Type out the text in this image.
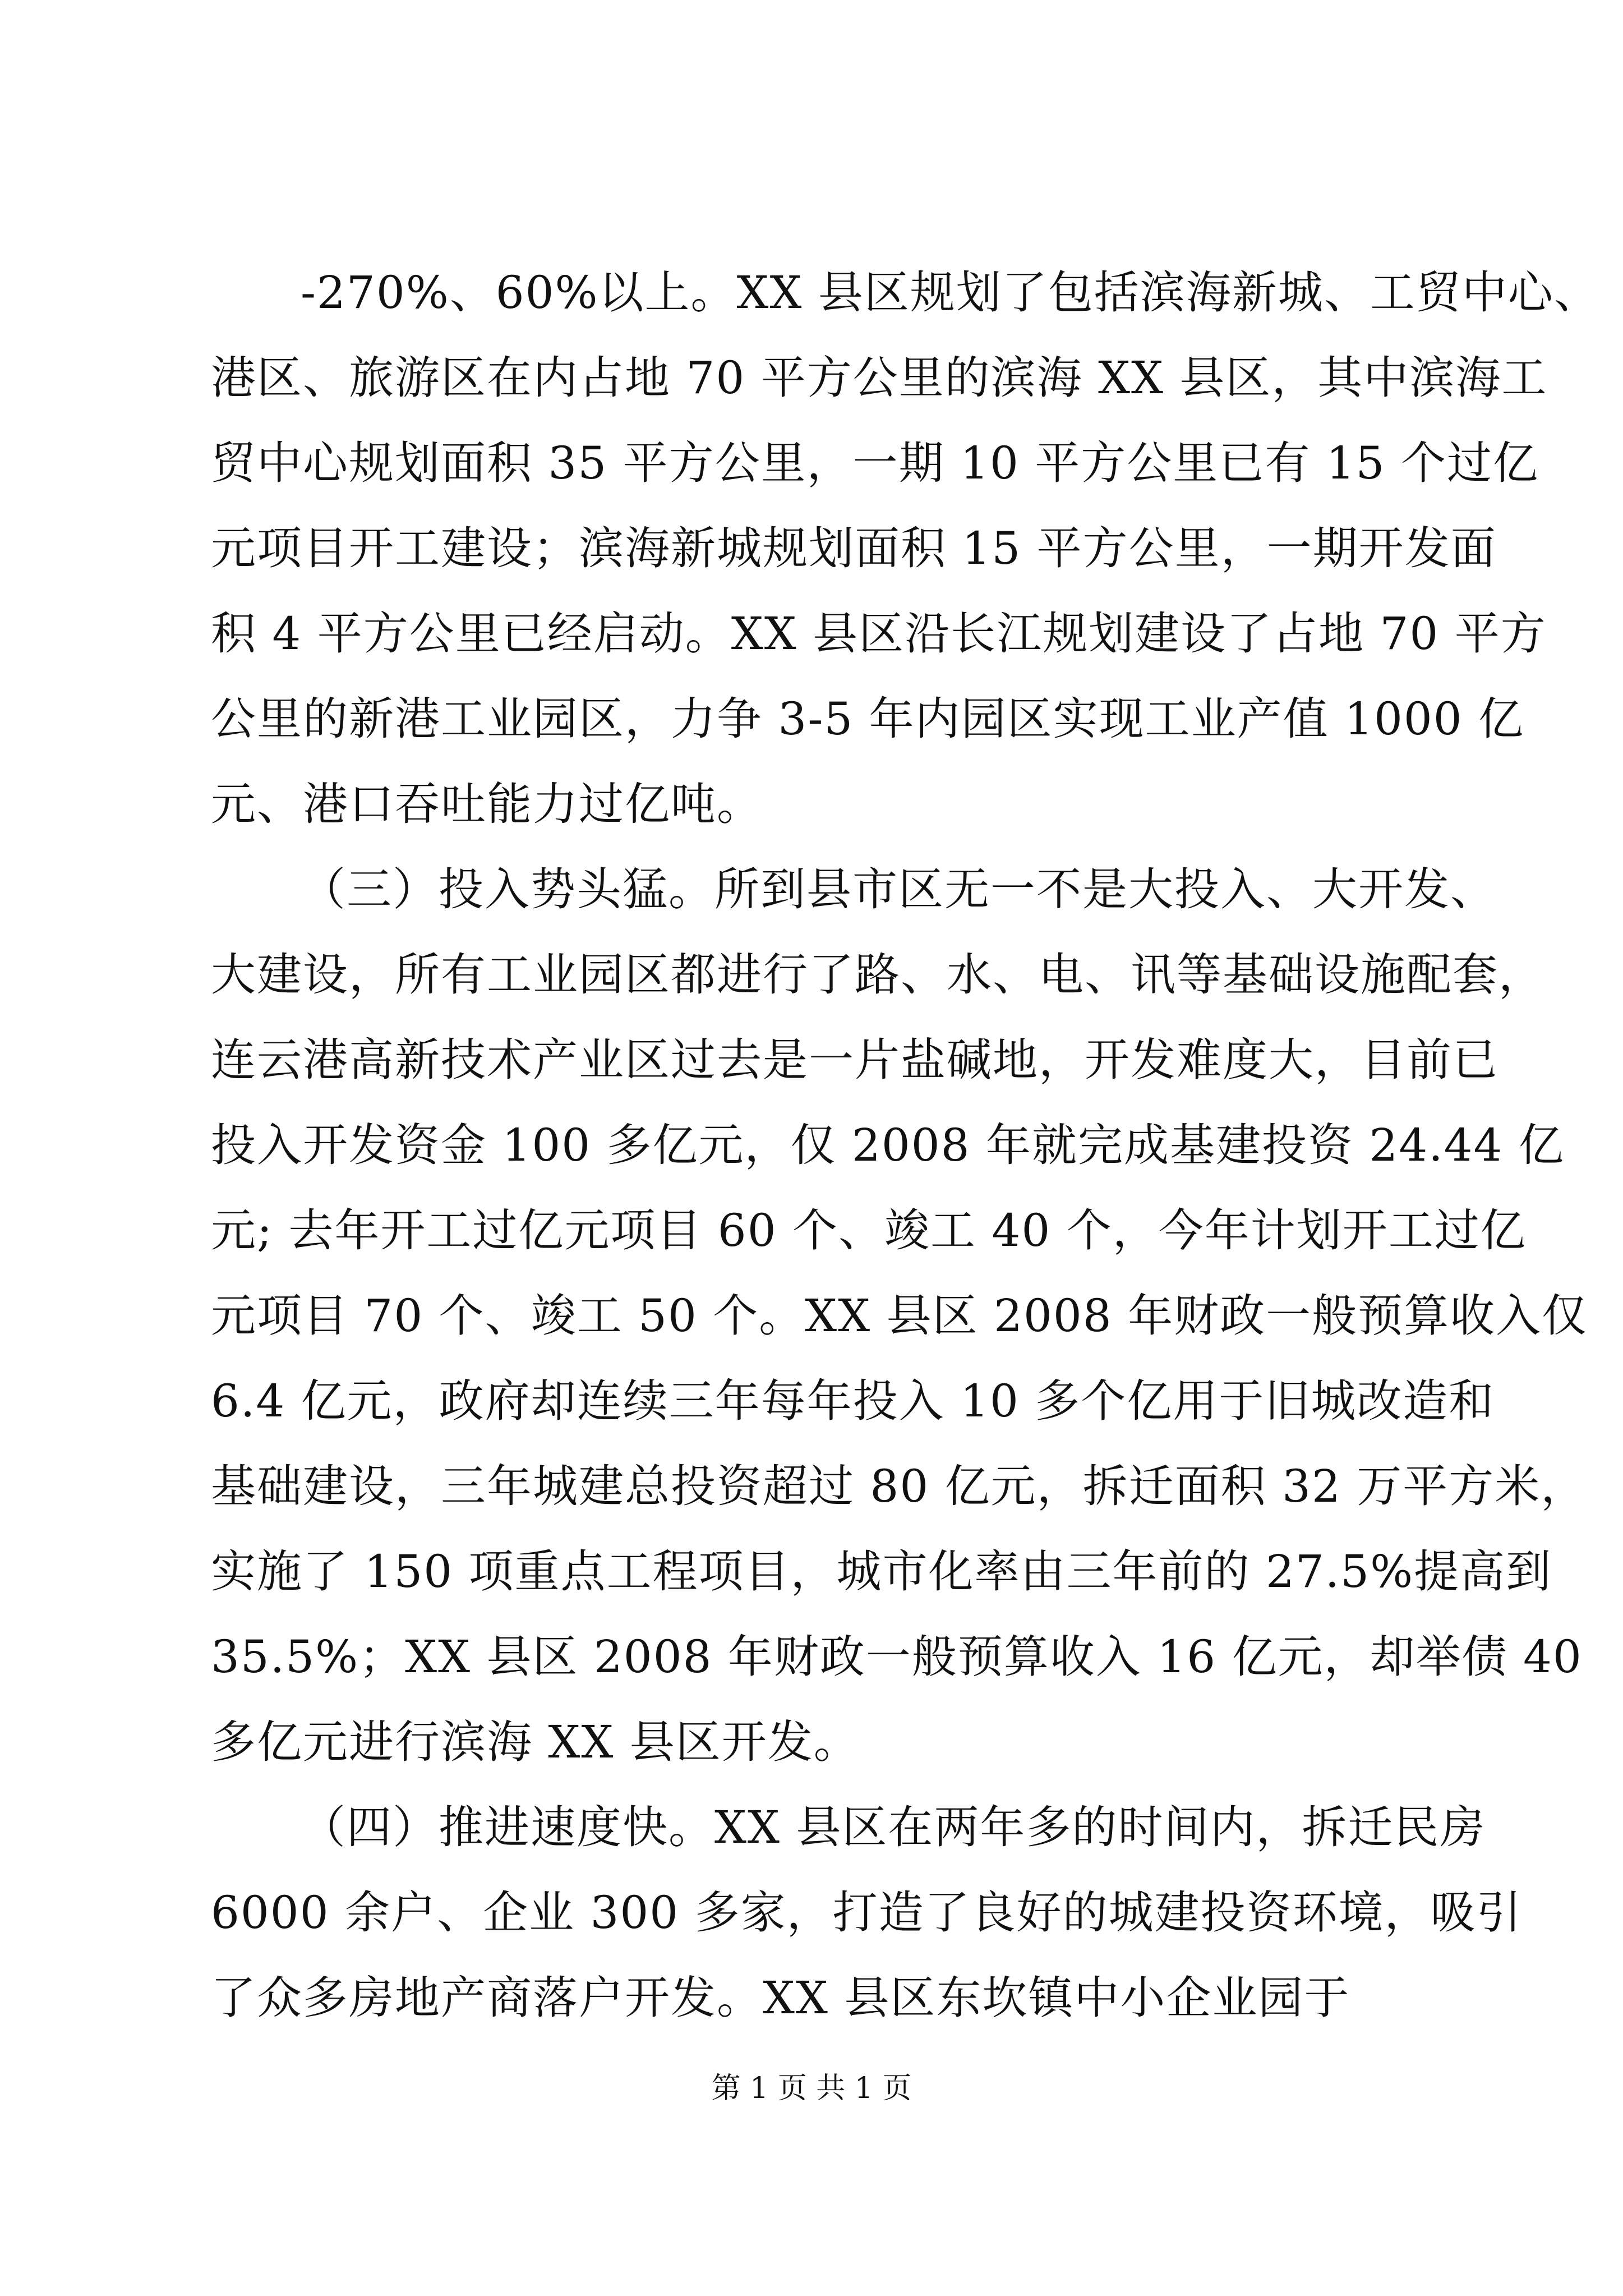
-270%、60%以上。XX 县区规划了包括滨海新城、工贸中心、
港区、旅游区在内占地 70 平方公里的滨海 XX 县区，其中滨海工
贸中心规划面积 35 平方公里，一期 10 平方公里已有 15 个过亿
元项目开工建设；滨海新城规划面积 15 平方公里，一期开发面
积 4 平方公里已经启动。XX 县区沿长江规划建设了占地 70 平方
公里的新港工业园区，力争 3-5 年内园区实现工业产值 1000 亿
元、港口吞吐能力过亿吨。
（三）投入势头猛。所到县市区无一不是大投入、大开发、
大建设，所有工业园区都进行了路、水、电、讯等基础设施配套，
连云港高新技术产业区过去是一片盐碱地，开发难度大，目前已
投入开发资金 100 多亿元，仅 2008 年就完成基建投资 24.44 亿
元; 去年开工过亿元项目 60 个、竣工 40 个，今年计划开工过亿
元项目 70 个、竣工 50 个。XX 县区 2008 年财政一般预算收入仅
6.4 亿元，政府却连续三年每年投入 10 多个亿用于旧城改造和
基础建设，三年城建总投资超过 80 亿元，拆迁面积 32 万平方米，
实施了 150 项重点工程项目，城市化率由三年前的 27.5%提高到
35.5%；XX 县区 2008 年财政一般预算收入 16 亿元，却举债 40
多亿元进行滨海 XX 县区开发。
（四）推进速度快。XX 县区在两年多的时间内，拆迁民房
6000 余户、企业 300 多家，打造了良好的城建投资环境，吸引
了众多房地产商落户开发。XX 县区东坎镇中小企业园于
第 1 页 共 1 页
